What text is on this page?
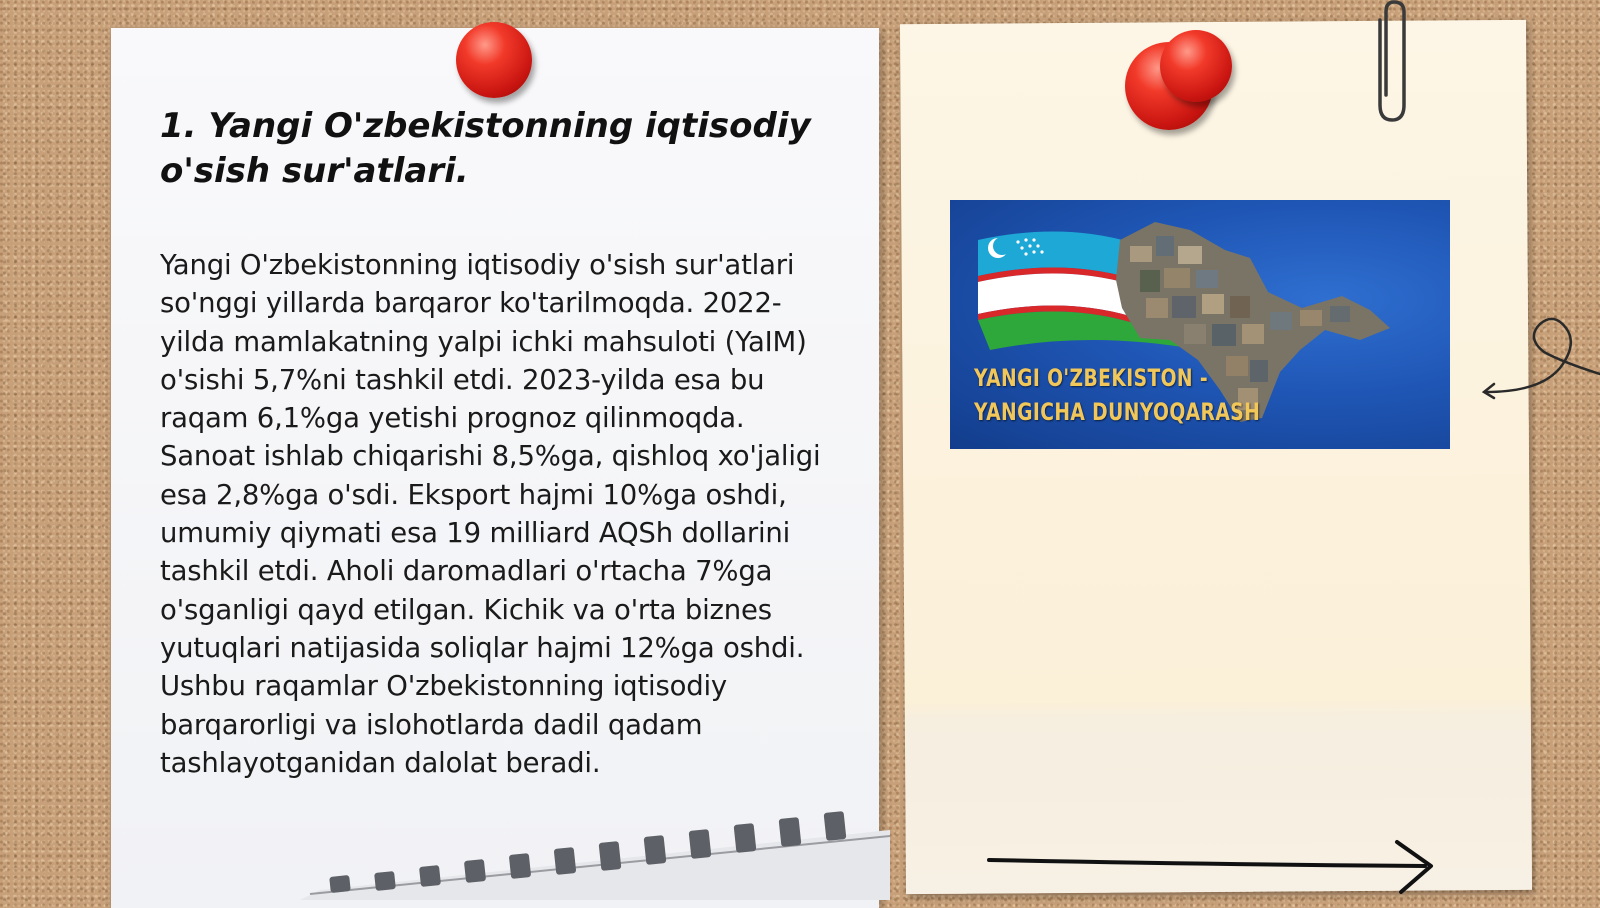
1. Yangi O'zbekistonning iqtisodiy
o'sish sur'atlari.

Yangi O'zbekistonning iqtisodiy o'sish sur'atlari so'nggi yillarda barqaror ko'tarilmoqda. 2022-yilda mamlakatning yalpi ichki mahsuloti (YaIM) o'sishi 5,7%ni tashkil etdi. 2023-yilda esa bu raqam 6,1%ga yetishi prognoz qilinmoqda. Sanoat ishlab chiqarishi 8,5%ga, qishloq xo'jaligi esa 2,8%ga o'sdi. Eksport hajmi 10%ga oshdi, umumiy qiymati esa 19 milliard AQSh dollarini tashkil etdi. Aholi daromadlari o'rtacha 7%ga o'sganligi qayd etilgan. Kichik va o'rta biznes yutuqlari natijasida soliqlar hajmi 12%ga oshdi. Ushbu raqamlar O'zbekistonning iqtisodiy barqarorligi va islohotlarda dadil qadam tashlayotganidan dalolat beradi.

YANGI O'ZBEKISTON -
YANGICHA DUNYOQARASH
